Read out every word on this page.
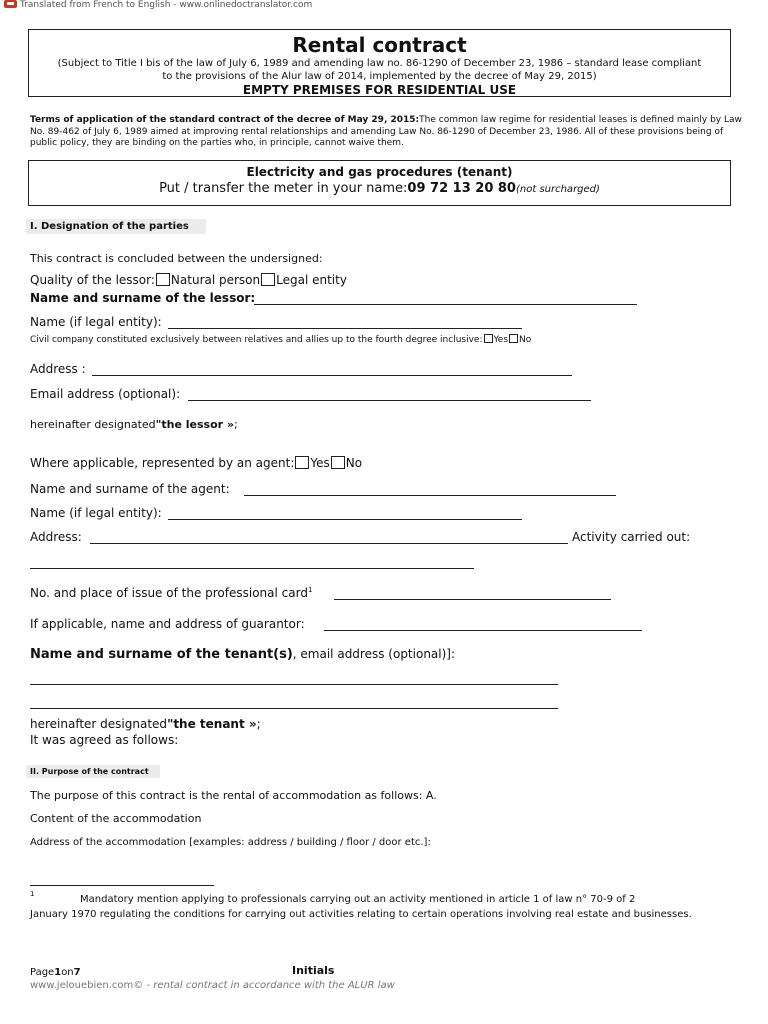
Translated from French to English - www.onlinedoctranslator.com
Rental contract
(Subject to Title I bis of the law of July 6, 1989 and amending law no. 86-1290 of December 23, 1986 – standard lease compliant
to the provisions of the Alur law of 2014, implemented by the decree of May 29, 2015)
EMPTY PREMISES FOR RESIDENTIAL USE
Terms of application of the standard contract of the decree of May 29, 2015:The common law regime for residential leases is defined mainly by Law
No. 89-462 of July 6, 1989 aimed at improving rental relationships and amending Law No. 86-1290 of December 23, 1986. All of these provisions being of
public policy, they are binding on the parties who, in principle, cannot waive them.
Electricity and gas procedures (tenant)
Put / transfer the meter in your name:09 72 13 20 80(not surcharged)
I. Designation of the parties
This contract is concluded between the undersigned:
Quality of the lessor: Natural person Legal entity
Name and surname of the lessor:
Name (if legal entity):
Civil company constituted exclusively between relatives and allies up to the fourth degree inclusive: Yes No
Address :
Email address (optional):
hereinafter designated"the lessor »;
Where applicable, represented by an agent: Yes No
Name and surname of the agent:
Name (if legal entity):
Address:	Activity carried out:
No. and place of issue of the professional card$^1$
If applicable, name and address of guarantor:
Name and surname of the tenant(s), email address (optional)]:
hereinafter designated"the tenant »;
It was agreed as follows:
II. Purpose of the contract
The purpose of this contract is the rental of accommodation as follows: A.
Content of the accommodation
Address of the accommodation [examples: address / building / floor / door etc.]:
1	Mandatory mention applying to professionals carrying out an activity mentioned in article 1 of law n° 70-9 of 2
January 1970 regulating the conditions for carrying out activities relating to certain operations involving real estate and businesses.
Page1on7	Initials
www.jelouebien.com© - rental contract in accordance with the ALUR law
